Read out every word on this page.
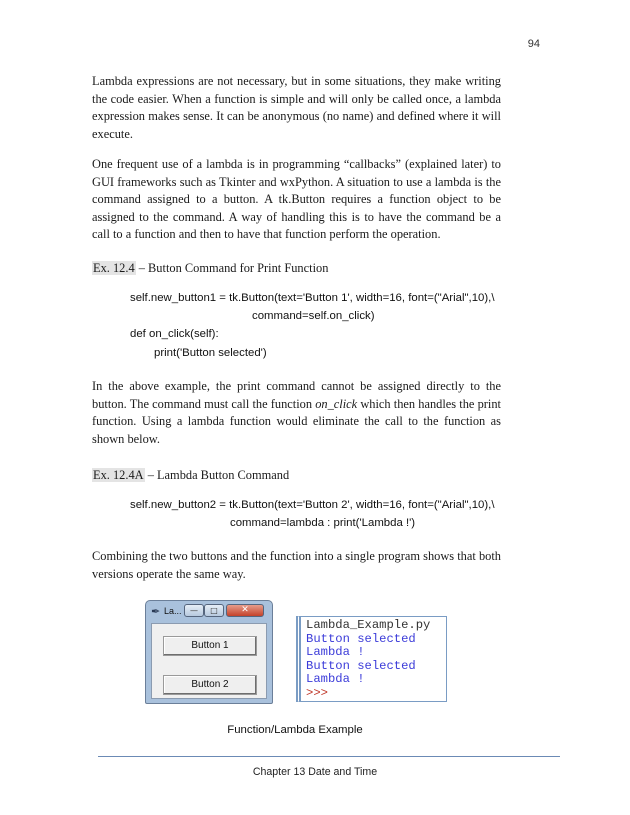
94

Lambda expressions are not necessary, but in some situations, they make writing the code easier. When a function is simple and will only be called once, a lambda expression makes sense. It can be anonymous (no name) and defined where it will execute.

One frequent use of a lambda is in programming “callbacks” (explained later) to GUI frameworks such as Tkinter and wxPython. A situation to use a lambda is the command assigned to a button. A tk.Button requires a function object to be assigned to the command. A way of handling this is to have the command be a call to a function and then to have that function perform the operation.

Ex. 12.4 – Button Command for Print Function
self.new_button1 = tk.Button(text='Button 1', width=16, font=("Arial",10),\
command=self.on_click)
def on_click(self):
print('Button selected')

In the above example, the print command cannot be assigned directly to the button. The command must call the function on_click which then handles the print function. Using a lambda function would eliminate the call to the function as shown below.

Ex. 12.4A – Lambda Button Command
self.new_button2 = tk.Button(text='Button 2', width=16, font=("Arial",10),\
command=lambda : print('Lambda !')

Combining the two buttons and the function into a single program shows that both versions operate the same way.

✒ La...	—	□	✕
Button 1
Button 2
Lambda_Example.py
Button selected
Lambda !
Button selected
Lambda !
>>>
Function/Lambda Example
Chapter 13 Date and Time
